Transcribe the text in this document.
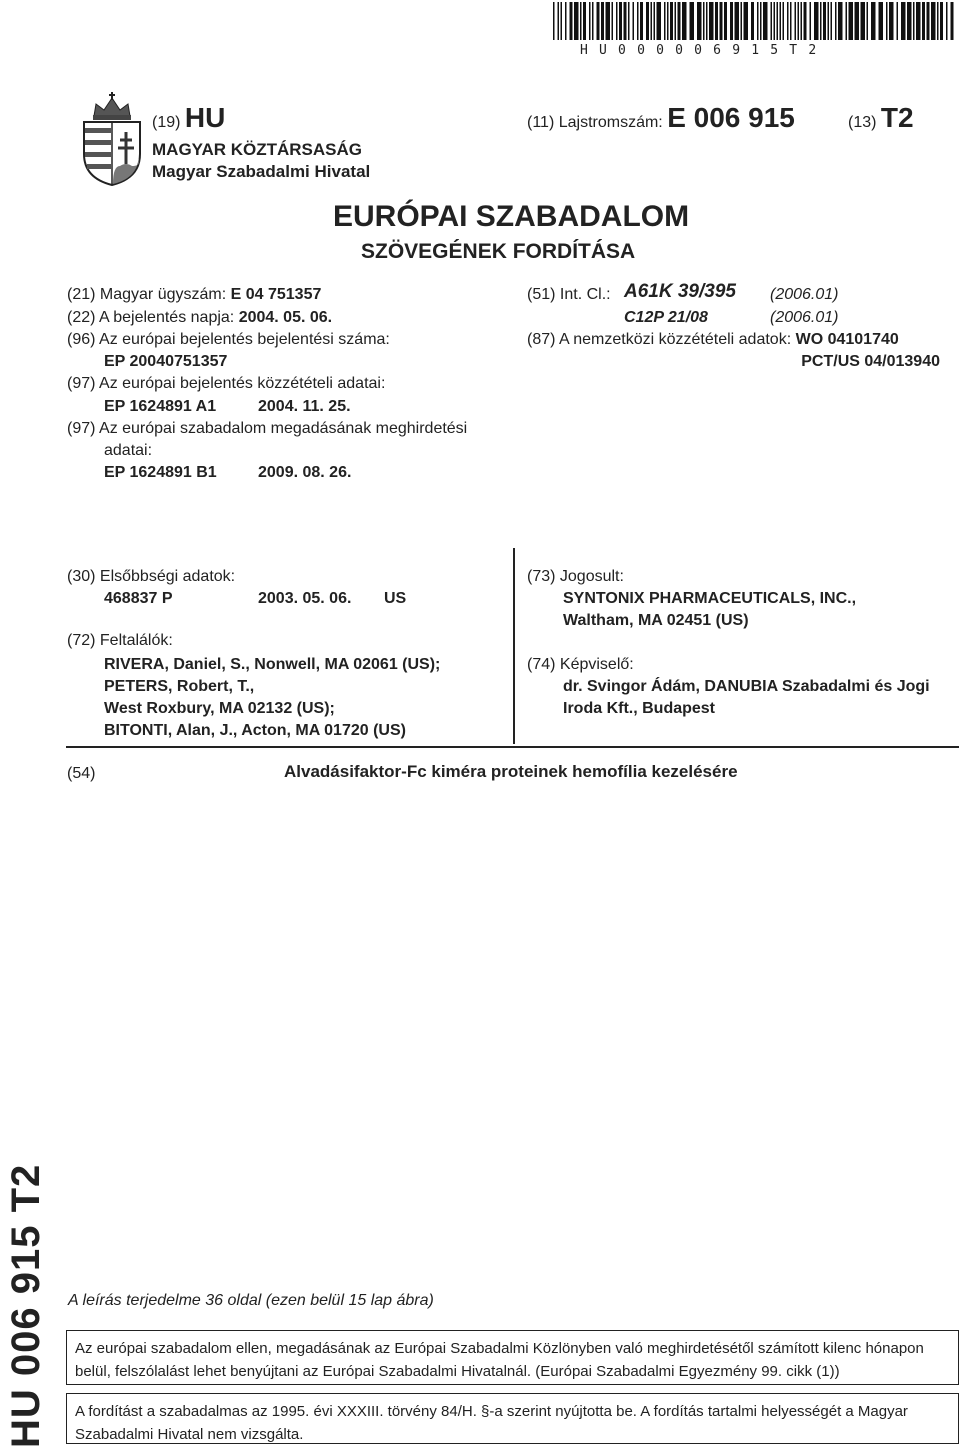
HU000006915T2
(19) HU	(11) Lajstromszám: E 006 915	(13) T2
MAGYAR KÖZTÁRSASÁG
Magyar Szabadalmi Hivatal
EURÓPAI SZABADALOM
SZÖVEGÉNEK FORDÍTÁSA
(21) Magyar ügyszám: E 04 751357
(22) A bejelentés napja: 2004. 05. 06.
(96) Az európai bejelentés bejelentési száma:
EP 20040751357
(97) Az európai bejelentés közzétételi adatai:
EP 1624891 A1	2004. 11. 25.
(97) Az európai szabadalom megadásának meghirdetési
adatai:
EP 1624891 B1	2009. 08. 26.
(51) Int. Cl.: A61K 39/395 (2006.01)
C12P 21/08	(2006.01)
(87) A nemzetközi közzétételi adatok: WO 04101740
PCT/US 04/013940
(30) Elsőbbségi adatok:
468837 P	2003. 05. 06. US
(72) Feltalálók:
RIVERA, Daniel, S., Nonwell, MA 02061 (US);
PETERS, Robert, T.,
West Roxbury, MA 02132 (US);
BITONTI, Alan, J., Acton, MA 01720 (US)
(73) Jogosult:
SYNTONIX PHARMACEUTICALS, INC.,
Waltham, MA 02451 (US)
(74) Képviselő:
dr. Svingor Ádám, DANUBIA Szabadalmi és Jogi
Iroda Kft., Budapest
(54)	Alvadásifaktor-Fc kiméra proteinek hemofília kezelésére
HU 006 915 T2 A leírás terjedelme 36 oldal (ezen belül 15 lap ábra)
Az európai szabadalom ellen, megadásának az Európai Szabadalmi Közlönyben való meghirdetésétől számított kilenc hónapon belül, felszólalást lehet benyújtani az Európai Szabadalmi Hivatalnál. (Európai Szabadalmi Egyezmény 99. cikk (1))
A fordítást a szabadalmas az 1995. évi XXXIII. törvény 84/H. §-a szerint nyújtotta be. A fordítás tartalmi helyességét a Magyar Szabadalmi Hivatal nem vizsgálta.
